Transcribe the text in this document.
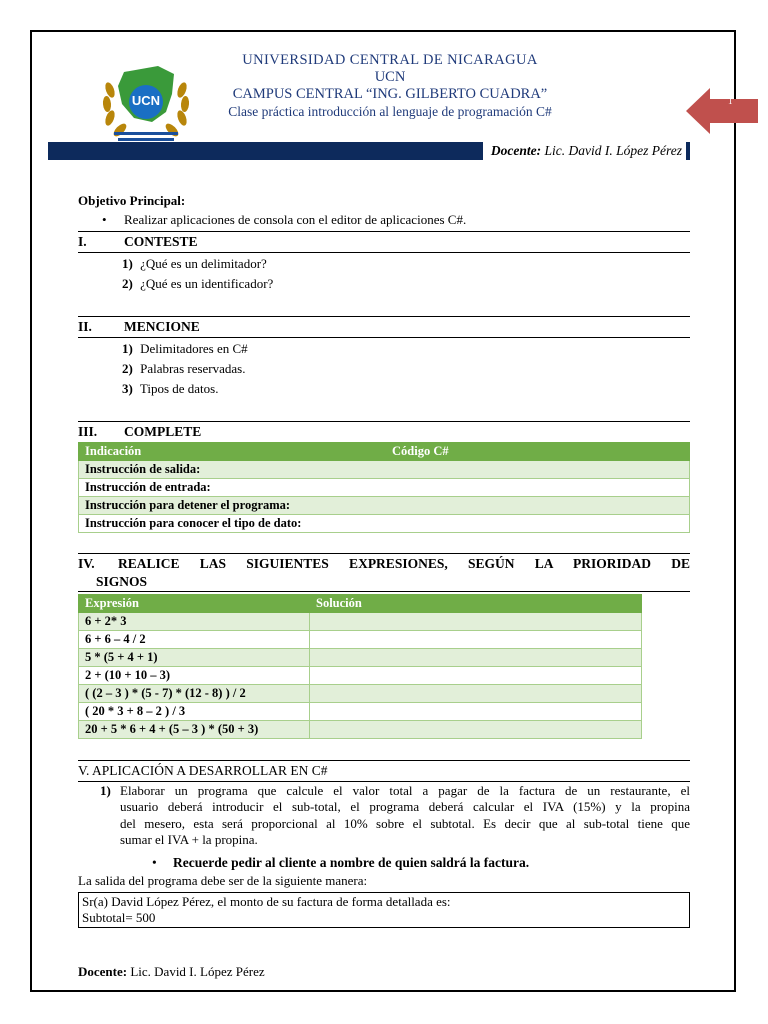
UCN
UNIVERSIDAD CENTRAL DE NICARAGUA
UCN
CAMPUS CENTRAL “ING. GILBERTO CUADRA”
Clase práctica introducción al lenguaje de programación C#
1
Docente: Lic. David I. López Pérez
Objetivo Principal:
• Realizar aplicaciones de consola con el editor de aplicaciones C#.
I.	CONTESTE
1) ¿Qué es un delimitador?
2) ¿Qué es un identificador?
II. MENCIONE
1) Delimitadores en C#
2) Palabras reservadas.
3) Tipos de datos.
III. COMPLETE
Indicación	Código C#
Instrucción de salida:
Instrucción de entrada:
Instrucción para detener el programa:
Instrucción para conocer el tipo de dato:
IV. REALICE LAS SIGUIENTES EXPRESIONES, SEGÚN LA PRIORIDAD DE
SIGNOS
Expresión	Solución
6 + 2* 3	
6 + 6 – 4 / 2	
5 * (5 + 4 + 1)	
2 + (10 + 10 – 3)	
( (2 – 3 ) * (5 - 7) * (12 - 8) ) / 2	
( 20 * 3 + 8 – 2 ) / 3	
20 + 5 * 6 + 4 + (5 – 3 ) * (50 + 3)	
V. APLICACIÓN A DESARROLLAR EN C#
1) Elaborar un programa que calcule el valor total a pagar de la factura de un restaurante, el
usuario deberá introducir el sub-total, el programa deberá calcular el IVA (15%) y la propina
del mesero, esta será proporcional al 10% sobre el subtotal. Es decir que al sub-total tiene que
sumar el IVA + la propina.
• Recuerde pedir al cliente a nombre de quien saldrá la factura.
La salida del programa debe ser de la siguiente manera:
Sr(a) David López Pérez, el monto de su factura de forma detallada es:
Subtotal= 500
Docente: Lic. David I. López Pérez
